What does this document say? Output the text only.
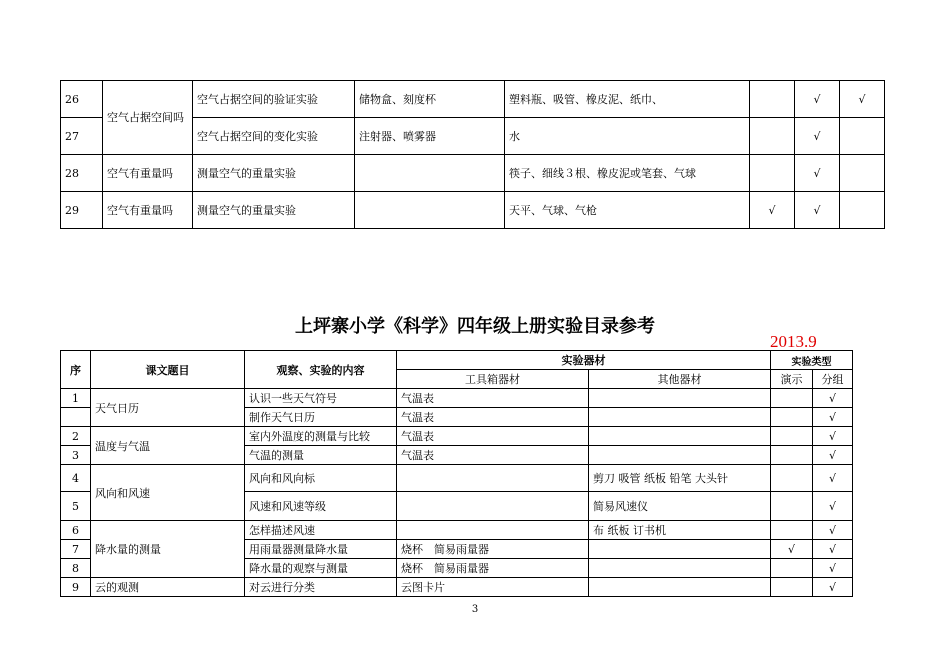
26	空气占据空间吗	空气占据空间的验证实验	储物盒、刻度杯	塑料瓶、吸管、橡皮泥、纸巾、		√	√
27		空气占据空间的变化实验	注射器、喷雾器	水		√	
28	空气有重量吗	测量空气的重量实验		筷子、细线３根、橡皮泥或笔套、气球		√	
29	空气有重量吗	测量空气的重量实验		天平、气球、气枪	√	√	
上坪寨小学《科学》四年级上册实验目录参考
2013.9
序	课文题目	观察、实验的内容	实验器材		实验类型	
			工具箱器材	其他器材	演示	分组
1	天气日历	认识一些天气符号	气温表			√
		制作天气日历	气温表			√
2	温度与气温	室内外温度的测量与比较	气温表			√
3		气温的测量	气温表			√
4	风向和风速	风向和风向标		剪刀 吸管 纸板 铅笔 大头针		√
5		风速和风速等级		简易风速仪		√
6	降水量的测量	怎样描述风速		布 纸板 订书机		√
7		用雨量器测量降水量	烧杯　简易雨量器		√	√
8		降水量的观察与测量	烧杯　简易雨量器			√
9	云的观测	对云进行分类	云图卡片			√
3
